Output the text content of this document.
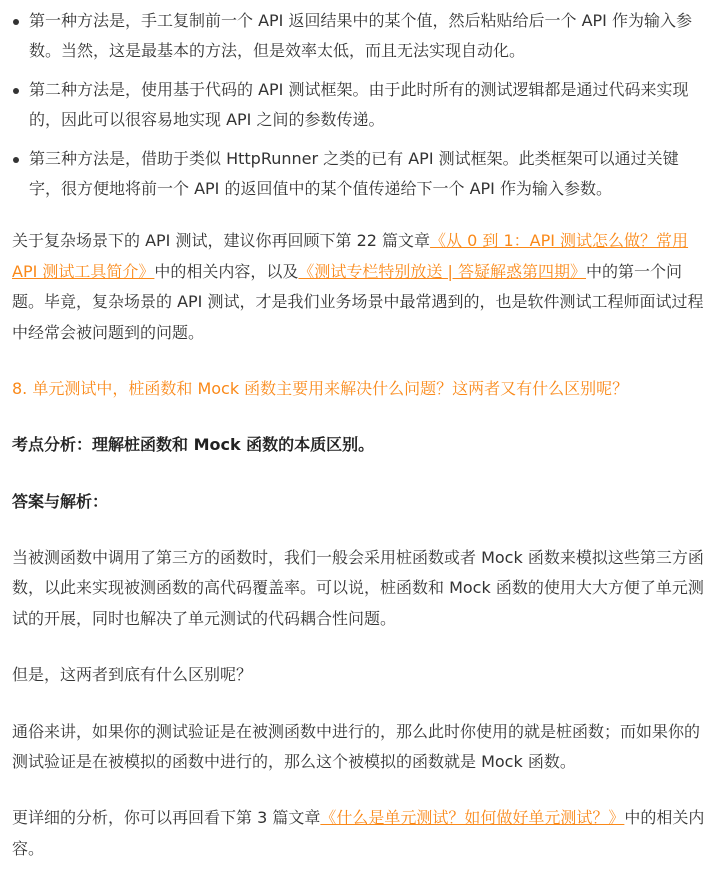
第一种方法是，手工复制前一个 API 返回结果中的某个值，然后粘贴给后一个 API 作为输入参数。当然，这是最基本的方法，但是效率太低，而且无法实现自动化。
第二种方法是，使用基于代码的 API 测试框架。由于此时所有的测试逻辑都是通过代码来实现的，因此可以很容易地实现 API 之间的参数传递。
第三种方法是，借助于类似 HttpRunner 之类的已有 API 测试框架。此类框架可以通过关键字，很方便地将前一个 API 的返回值中的某个值传递给下一个 API 作为输入参数。

关于复杂场景下的 API 测试，建议你再回顾下第 22 篇文章《从 0 到 1：API 测试怎么做？常用 API 测试工具简介》中的相关内容，以及《测试专栏特别放送 | 答疑解惑第四期》中的第一个问题。毕竟，复杂场景的 API 测试，才是我们业务场景中最常遇到的，也是软件测试工程师面试过程中经常会被问题到的问题。

8. 单元测试中，桩函数和 Mock 函数主要用来解决什么问题？这两者又有什么区别呢？

考点分析：理解桩函数和 Mock 函数的本质区别。

答案与解析：

当被测函数中调用了第三方的函数时，我们一般会采用桩函数或者 Mock 函数来模拟这些第三方函数，以此来实现被测函数的高代码覆盖率。可以说，桩函数和 Mock 函数的使用大大方便了单元测试的开展，同时也解决了单元测试的代码耦合性问题。

但是，这两者到底有什么区别呢？

通俗来讲，如果你的测试验证是在被测函数中进行的，那么此时你使用的就是桩函数；而如果你的测试验证是在被模拟的函数中进行的，那么这个被模拟的函数就是 Mock 函数。

更详细的分析，你可以再回看下第 3 篇文章《什么是单元测试？如何做好单元测试？》中的相关内容。
